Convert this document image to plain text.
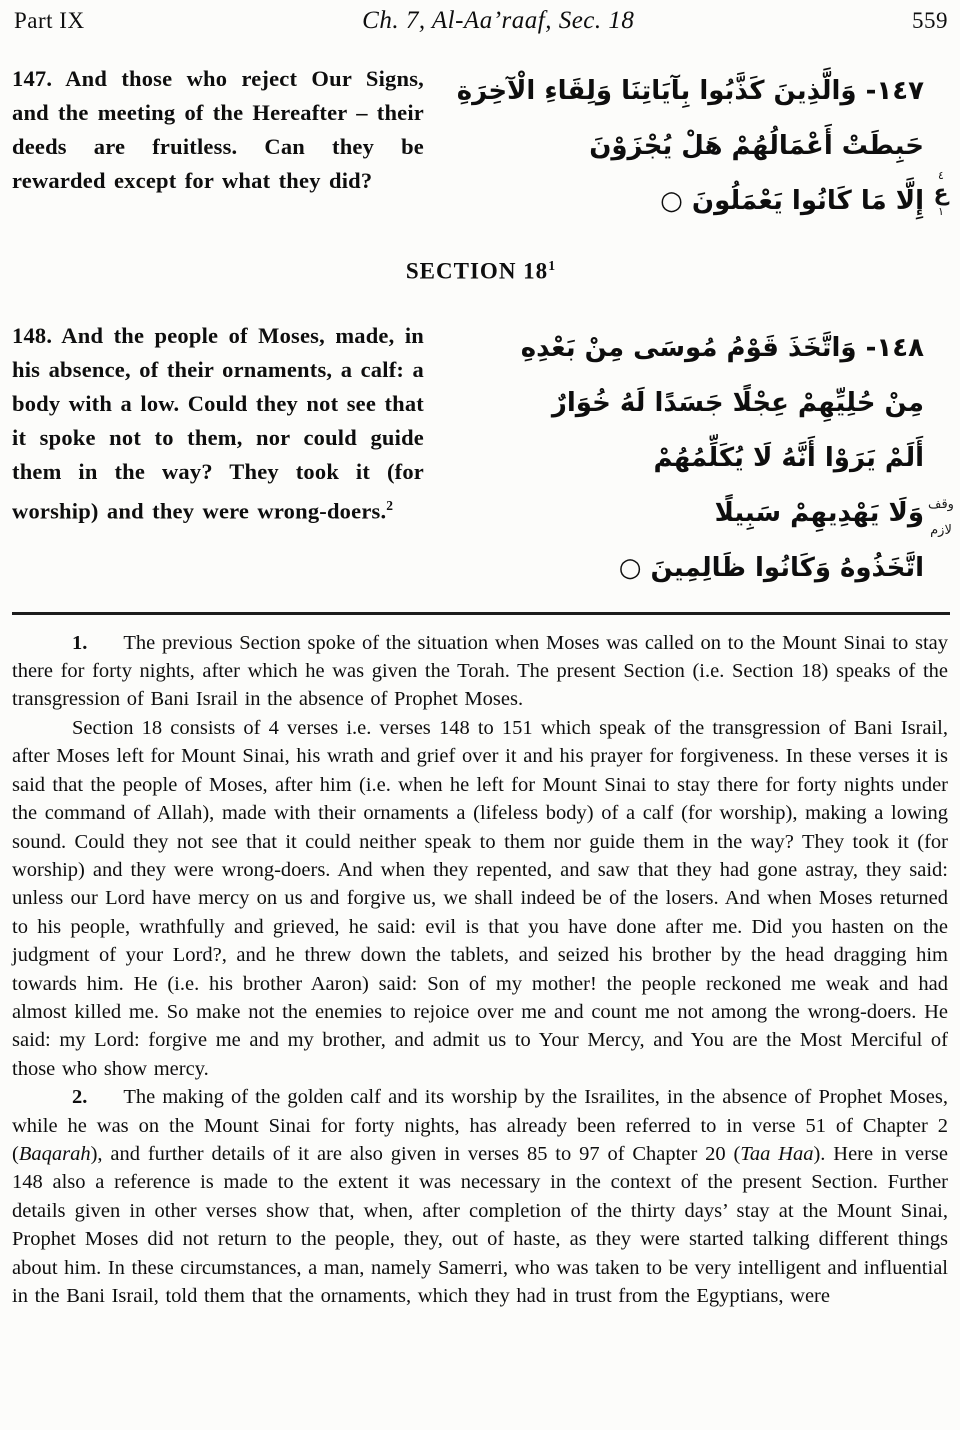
Part IX	Ch. 7, Al-Aa’raaf, Sec. 18	559
147. And those who reject Our Signs, and the meeting of the Hereafter – their deeds are fruitless. Can they be rewarded except for what they did?
١٤٧- وَالَّذِينَ كَذَّبُوا بِآيَاتِنَا وَلِقَاءِ الْآخِرَةِ
حَبِطَتْ أَعْمَالُهُمْ هَلْ يُجْزَوْنَ
إِلَّا مَا كَانُوا يَعْمَلُونَ ○
SECTION $18^1$
148. And the people of Moses, made, in his absence, of their ornaments, a calf: a body with a low. Could they not see that it spoke not to them, nor could guide them in the way? They took it (for worship) and they were wrong-doers.$^2$
١٤٨- وَاتَّخَذَ قَوْمُ مُوسَى مِنْ بَعْدِهِ
مِنْ حُلِيِّهِمْ عِجْلًا جَسَدًا لَهُ خُوَارٌ
أَلَمْ يَرَوْا أَنَّهُ لَا يُكَلِّمُهُمْ
وَلَا يَهْدِيهِمْ سَبِيلًا
اتَّخَذُوهُ وَكَانُوا ظَالِمِينَ ○

1. The previous Section spoke of the situation when Moses was called on to the Mount Sinai to stay there for forty nights, after which he was given the Torah. The present Section (i.e. Section 18) speaks of the transgression of Bani Israil in the absence of Prophet Moses.

Section 18 consists of 4 verses i.e. verses 148 to 151 which speak of the transgression of Bani Israil, after Moses left for Mount Sinai, his wrath and grief over it and his prayer for forgiveness. In these verses it is said that the people of Moses, after him (i.e. when he left for Mount Sinai to stay there for forty nights under the command of Allah), made with their ornaments a (lifeless body) of a calf (for worship), making a lowing sound. Could they not see that it could neither speak to them nor guide them in the way? They took it (for worship) and they were wrong-doers. And when they repented, and saw that they had gone astray, they said: unless our Lord have mercy on us and forgive us, we shall indeed be of the losers. And when Moses returned to his people, wrathfully and grieved, he said: evil is that you have done after me. Did you hasten on the judgment of your Lord?, and he threw down the tablets, and seized his brother by the head dragging him towards him. He (i.e. his brother Aaron) said: Son of my mother! the people reckoned me weak and had almost killed me. So make not the enemies to rejoice over me and count me not among the wrong-doers. He said: my Lord: forgive me and my brother, and admit us to Your Mercy, and You are the Most Merciful of those who show mercy.

2. The making of the golden calf and its worship by the Israilites, in the absence of Prophet Moses, while he was on the Mount Sinai for forty nights, has already been referred to in verse 51 of Chapter 2 (Baqarah), and further details of it are also given in verses 85 to 97 of Chapter 20 (Taa Haa). Here in verse 148 also a reference is made to the extent it was necessary in the context of the present Section. Further details given in other verses show that, when, after completion of the thirty days’ stay at the Mount Sinai, Prophet Moses did not return to the people, they, out of haste, as they were started talking different things about him. In these circumstances, a man, namely Samerri, who was taken to be very intelligent and influential in the Bani Israil, told them that the ornaments, which they had in trust from the Egyptians, were

٤
ع
١
وقف
لازم
